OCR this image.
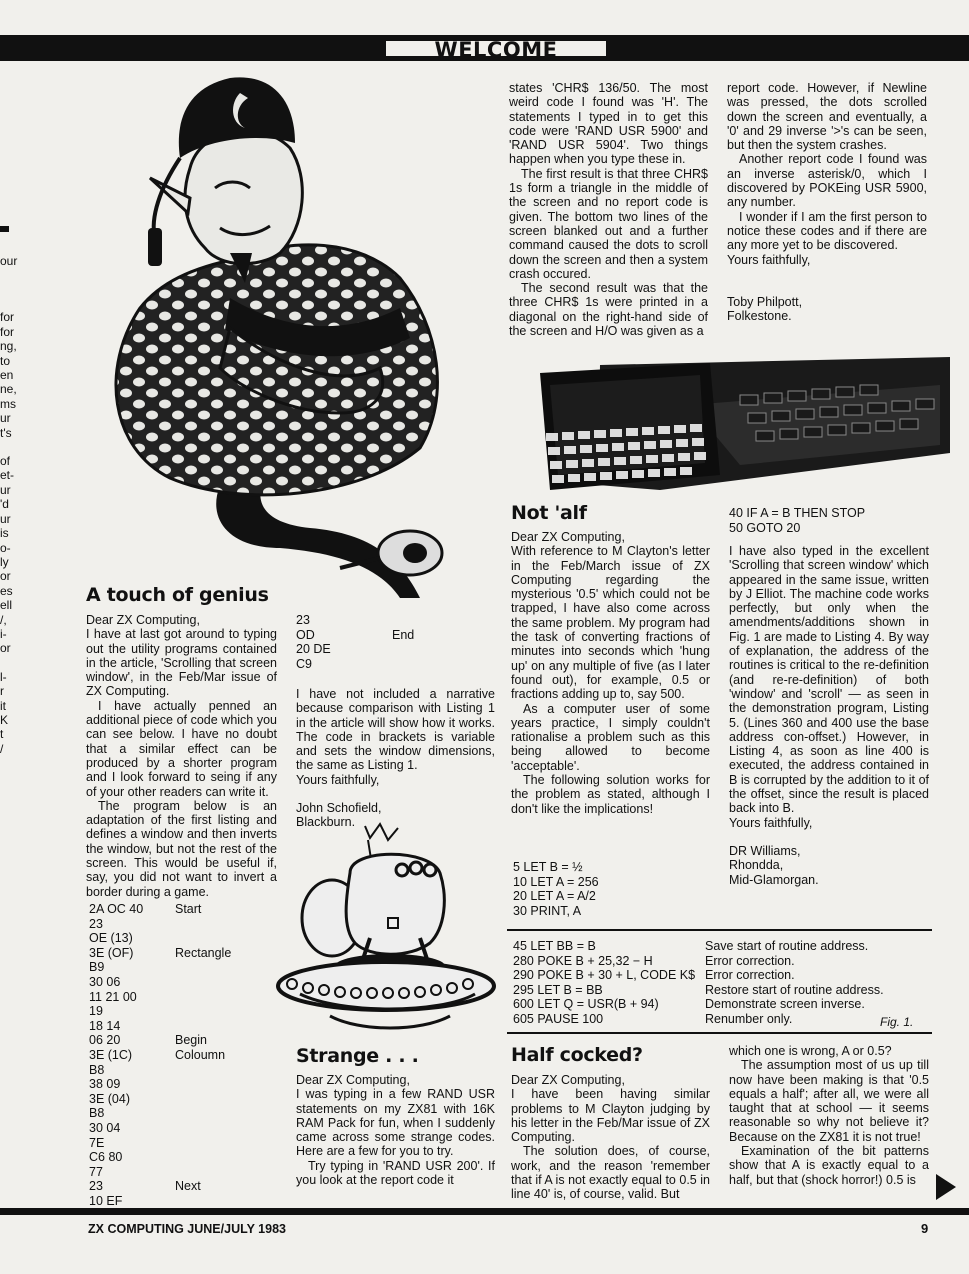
WELCOME
our
for
for
ng,
to
en
ne,
ms
ur
t's
of
et-
ur
'd
ur
is
o-
ly
or
es
ell
/,
i-
or
l-
r
it
K
t
/
A touch of genius

Dear ZX Computing,

I have at last got around to typing out the utility programs contained in the article, 'Scrolling that screen window', in the Feb/Mar issue of ZX Computing.

I have actually penned an additional piece of code which you can see below. I have no doubt that a similar effect can be produced by a shorter program and I look forward to seing if any of your other readers can write it.

The program below is an adaptation of the first listing and defines a window and then inverts the window, but not the rest of the screen. This would be useful if, say, you did not want to invert a border during a game.

2A OC 40	Start
23
OE (13)
3E (OF)	Rectangle
B9
30 06
11 21 00
19
18 14
06 20	Begin
3E (1C)	Coloumn
B8
38 09
3E (04)
B8
30 04
7E
C6 80
77
23	Next
10 EF
23
OD	End
20 DE
C9

I have not included a narrative because comparison with Listing 1 in the article will show how it works. The code in brackets is variable and sets the window dimensions, the same as Listing 1.

Yours faithfully,

John Schofield,

Blackburn.

Strange . . .

Dear ZX Computing,

I was typing in a few RAND USR statements on my ZX81 with 16K RAM Pack for fun, when I suddenly came across some strange codes. Here are a few for you to try.

Try typing in 'RAND USR 200'. If you look at the report code it

states 'CHR$ 136/50. The most weird code I found was 'H'. The statements I typed in to get this code were 'RAND USR 5900' and 'RAND USR 5904'. Two things happen when you type these in.

The first result is that three CHR$ 1s form a triangle in the middle of the screen and no report code is given. The bottom two lines of the screen blanked out and a further command caused the dots to scroll down the screen and then a system crash occured.

The second result was that the three CHR$ 1s were printed in a diagonal on the right-hand side of the screen and H/O was given as a

report code. However, if Newline was pressed, the dots scrolled down the screen and eventually, a '0' and 29 inverse '>'s can be seen, but then the system crashes.

Another report code I found was an inverse asterisk/0, which I discovered by POKEing USR 5900, any number.

I wonder if I am the first person to notice these codes and if there are any more yet to be discovered.

Yours faithfully,

Toby Philpott,

Folkestone.

Not 'alf

Dear ZX Computing,

With reference to M Clayton's letter in the Feb/March issue of ZX Computing regarding the mysterious '0.5' which could not be trapped, I have also come across the same problem. My program had the task of converting fractions of minutes into seconds which 'hung up' on any multiple of five (as I later found out), for example, 0.5 or fractions adding up to, say 500.

As a computer user of some years practice, I simply couldn't rationalise a problem such as this being allowed to become 'acceptable'.

The following solution works for the problem as stated, although I don't like the implications!

5 LET B = ½
10 LET A = 256
20 LET A = A/2
30 PRINT, A
40 IF A = B THEN STOP
50 GOTO 20

I have also typed in the excellent 'Scrolling that screen window' which appeared in the same issue, written by J Elliot. The machine code works perfectly, but only when the amendments/additions shown in Fig. 1 are made to Listing 4. By way of explanation, the address of the routines is critical to the re-definition (and re-re-definition) of both 'window' and 'scroll' — as seen in the demonstration program, Listing 5. (Lines 360 and 400 use the base address con-offset.) However, in Listing 4, as soon as line 400 is executed, the address contained in B is corrupted by the addition to it of the offset, since the result is placed back into B.

Yours faithfully,

DR Williams,

Rhondda,

Mid-Glamorgan.

45 LET BB = B	Save start of routine address.
280 POKE B + 25,32 − H	Error correction.
290 POKE B + 30 + L, CODE K$ Error correction.
295 LET B = BB	Restore start of routine address.
600 LET Q = USR(B + 94)	Demonstrate screen inverse.
605 PAUSE 100	Renumber only.	Fig. 1.
Half cocked?

Dear ZX Computing,

I have been having similar problems to M Clayton judging by his letter in the Feb/Mar issue of ZX Computing.

The solution does, of course, work, and the reason 'remember that if A is not exactly equal to 0.5 in line 40' is, of course, valid. But

which one is wrong, A or 0.5?

The assumption most of us up till now have been making is that '0.5 equals a half'; after all, we were all taught that at school — it seems reasonable so why not believe it? Because on the ZX81 it is not true!

Examination of the bit patterns show that A is exactly equal to a half, but that (shock horror!) 0.5 is

ZX COMPUTING JUNE/JULY 1983	9
